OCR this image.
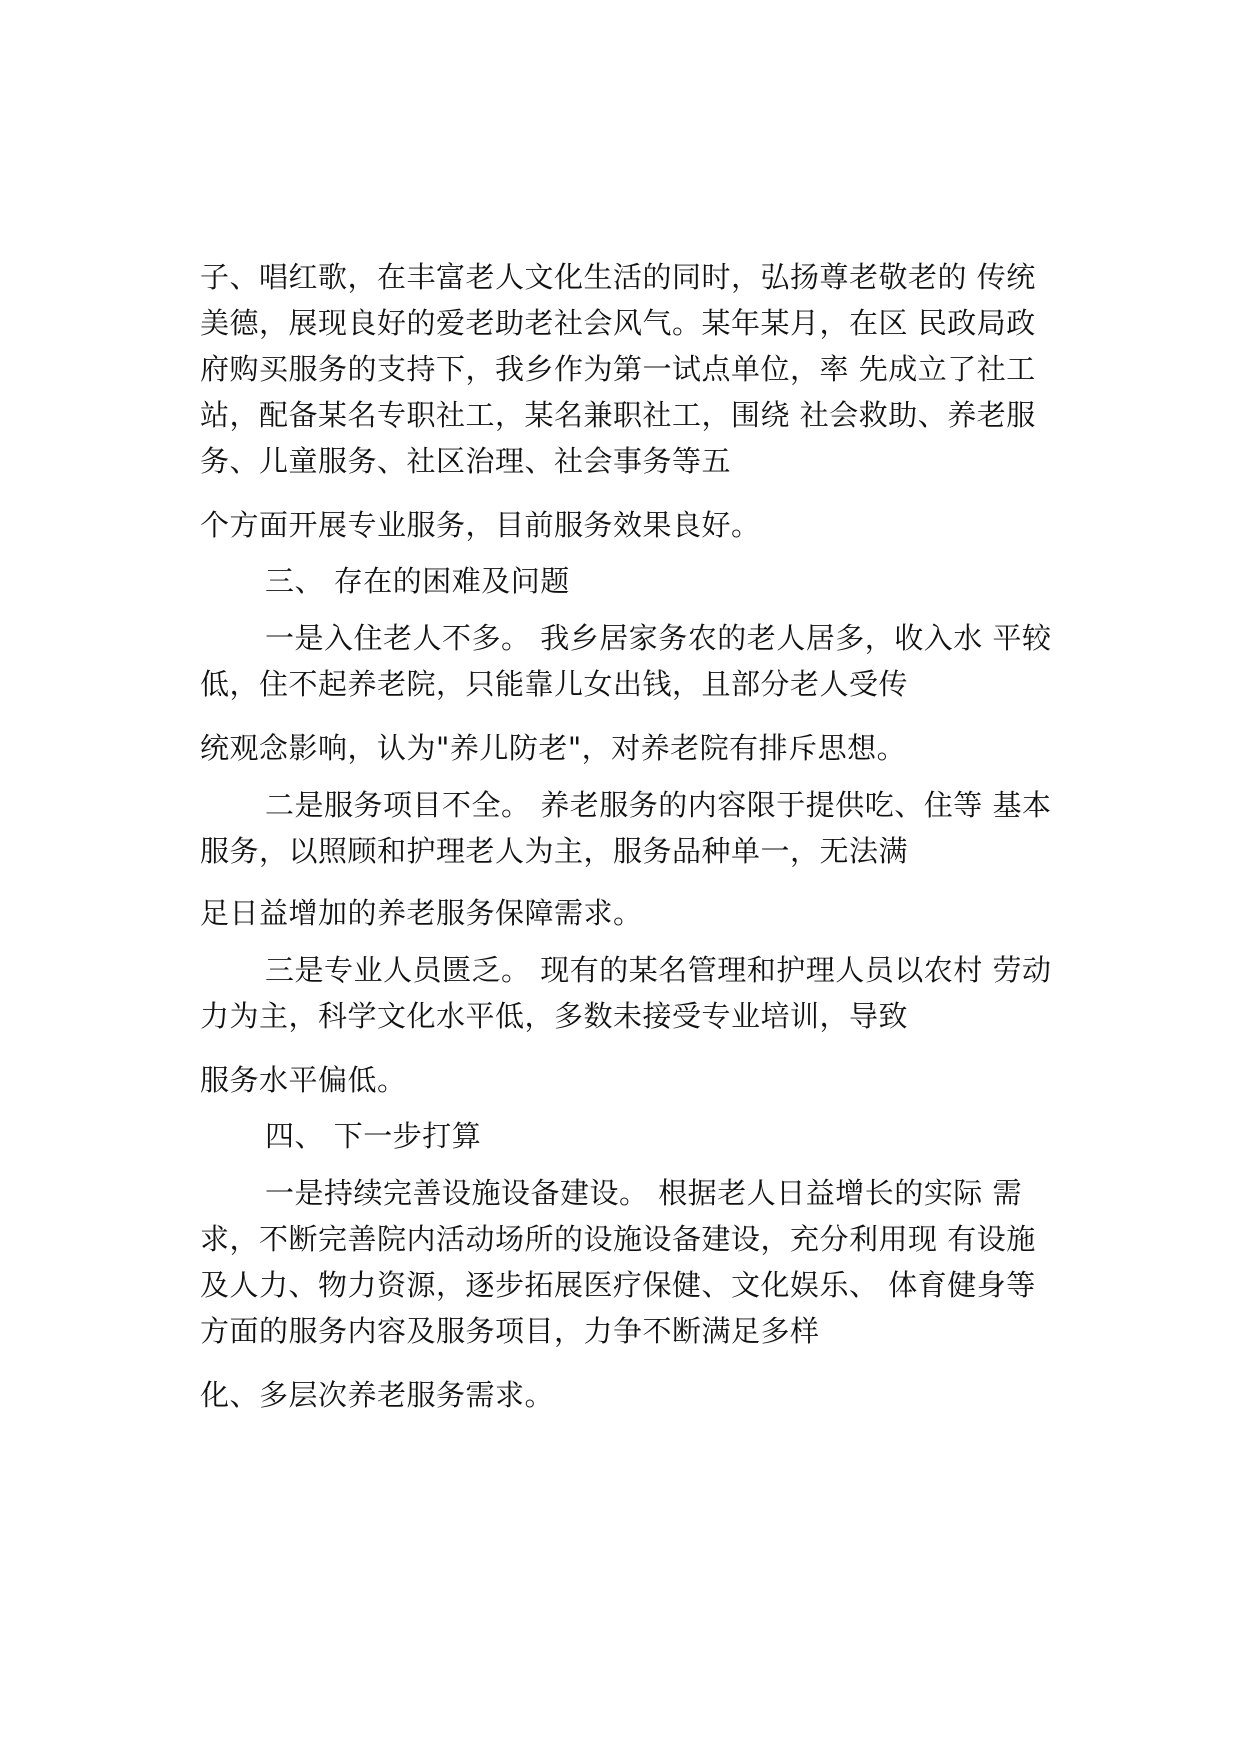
子、唱红歌，在丰富老人文化生活的同时，弘扬尊老敬老的 传统
美德，展现良好的爱老助老社会风气。某年某月，在区 民政局政
府购买服务的支持下，我乡作为第一试点单位，率 先成立了社工
站，配备某名专职社工，某名兼职社工，围绕 社会救助、养老服
务、儿童服务、社区治理、社会事务等五
个方面开展专业服务，目前服务效果良好。
三、 存在的困难及问题
一是入住老人不多。 我乡居家务农的老人居多，收入水 平较
低，住不起养老院，只能靠儿女出钱，且部分老人受传
统观念影响，认为"养儿防老"，对养老院有排斥思想。
二是服务项目不全。 养老服务的内容限于提供吃、住等 基本
服务，以照顾和护理老人为主，服务品种单一，无法满
足日益增加的养老服务保障需求。
三是专业人员匮乏。 现有的某名管理和护理人员以农村 劳动
力为主，科学文化水平低，多数未接受专业培训，导致
服务水平偏低。
四、 下一步打算
一是持续完善设施设备建设。 根据老人日益增长的实际 需
求，不断完善院内活动场所的设施设备建设，充分利用现 有设施
及人力、物力资源，逐步拓展医疗保健、文化娱乐、 体育健身等
方面的服务内容及服务项目，力争不断满足多样
化、多层次养老服务需求。
